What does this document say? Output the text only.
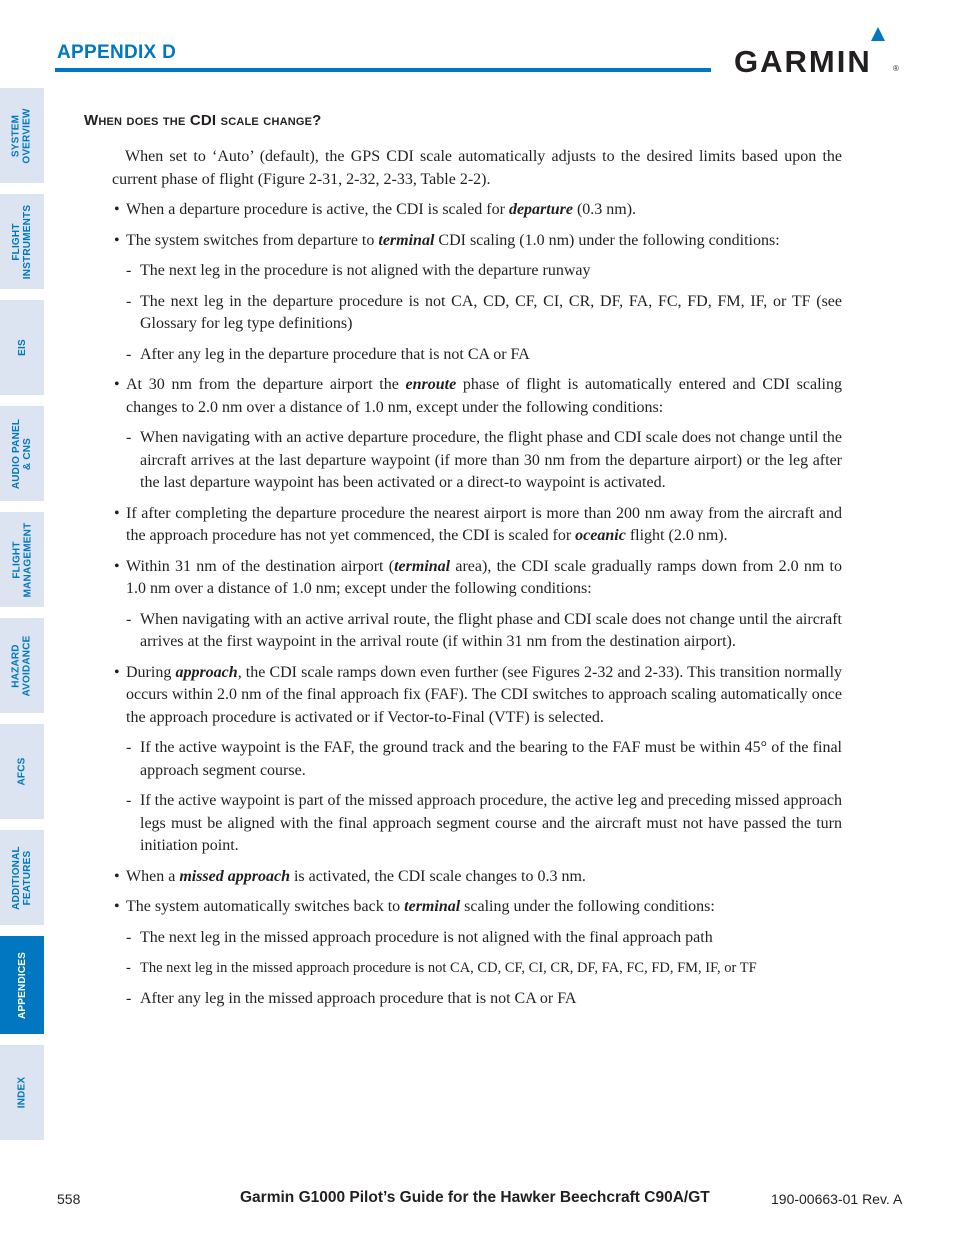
APPENDIX D	GARMIN	®
SYSTEM
OVERVIEW
FLIGHT
INSTRUMENTS
EIS
AUDIO PANEL
& CNS
FLIGHT
MANAGEMENT
HAZARD
AVOIDANCE
AFCS
ADDITIONAL
FEATURES
APPENDICES
INDEX
When does the CDI scale change?

When set to ‘Auto’ (default), the GPS CDI scale automatically adjusts to the desired limits based upon the current phase of flight (Figure 2-31, 2-32, 2-33, Table 2-2).

• When a departure procedure is active, the CDI is scaled for departure (0.3 nm).

• The system switches from departure to terminal CDI scaling (1.0 nm) under the following conditions:

- The next leg in the procedure is not aligned with the departure runway

- The next leg in the departure procedure is not CA, CD, CF, CI, CR, DF, FA, FC, FD, FM, IF, or TF (see Glossary for leg type definitions)

- After any leg in the departure procedure that is not CA or FA

• At 30 nm from the departure airport the enroute phase of flight is automatically entered and CDI scaling changes to 2.0 nm over a distance of 1.0 nm, except under the following conditions:

- When navigating with an active departure procedure, the flight phase and CDI scale does not change until the aircraft arrives at the last departure waypoint (if more than 30 nm from the departure airport) or the leg after the last departure waypoint has been activated or a direct-to waypoint is activated.

• If after completing the departure procedure the nearest airport is more than 200 nm away from the aircraft and the approach procedure has not yet commenced, the CDI is scaled for oceanic flight (2.0 nm).

• Within 31 nm of the destination airport (terminal area), the CDI scale gradually ramps down from 2.0 nm to 1.0 nm over a distance of 1.0 nm; except under the following conditions:

- When navigating with an active arrival route, the flight phase and CDI scale does not change until the aircraft arrives at the first waypoint in the arrival route (if within 31 nm from the destination airport).

• During approach, the CDI scale ramps down even further (see Figures 2-32 and 2-33). This transition normally occurs within 2.0 nm of the final approach fix (FAF). The CDI switches to approach scaling automatically once the approach procedure is activated or if Vector-to-Final (VTF) is selected.

- If the active waypoint is the FAF, the ground track and the bearing to the FAF must be within 45° of the final approach segment course.

- If the active waypoint is part of the missed approach procedure, the active leg and preceding missed approach legs must be aligned with the final approach segment course and the aircraft must not have passed the turn initiation point.

• When a missed approach is activated, the CDI scale changes to 0.3 nm.

• The system automatically switches back to terminal scaling under the following conditions:

- The next leg in the missed approach procedure is not aligned with the final approach path

- The next leg in the missed approach procedure is not CA, CD, CF, CI, CR, DF, FA, FC, FD, FM, IF, or TF

- After any leg in the missed approach procedure that is not CA or FA

558	Garmin G1000 Pilot’s Guide for the Hawker Beechcraft C90A/GT	190-00663-01 Rev. A
